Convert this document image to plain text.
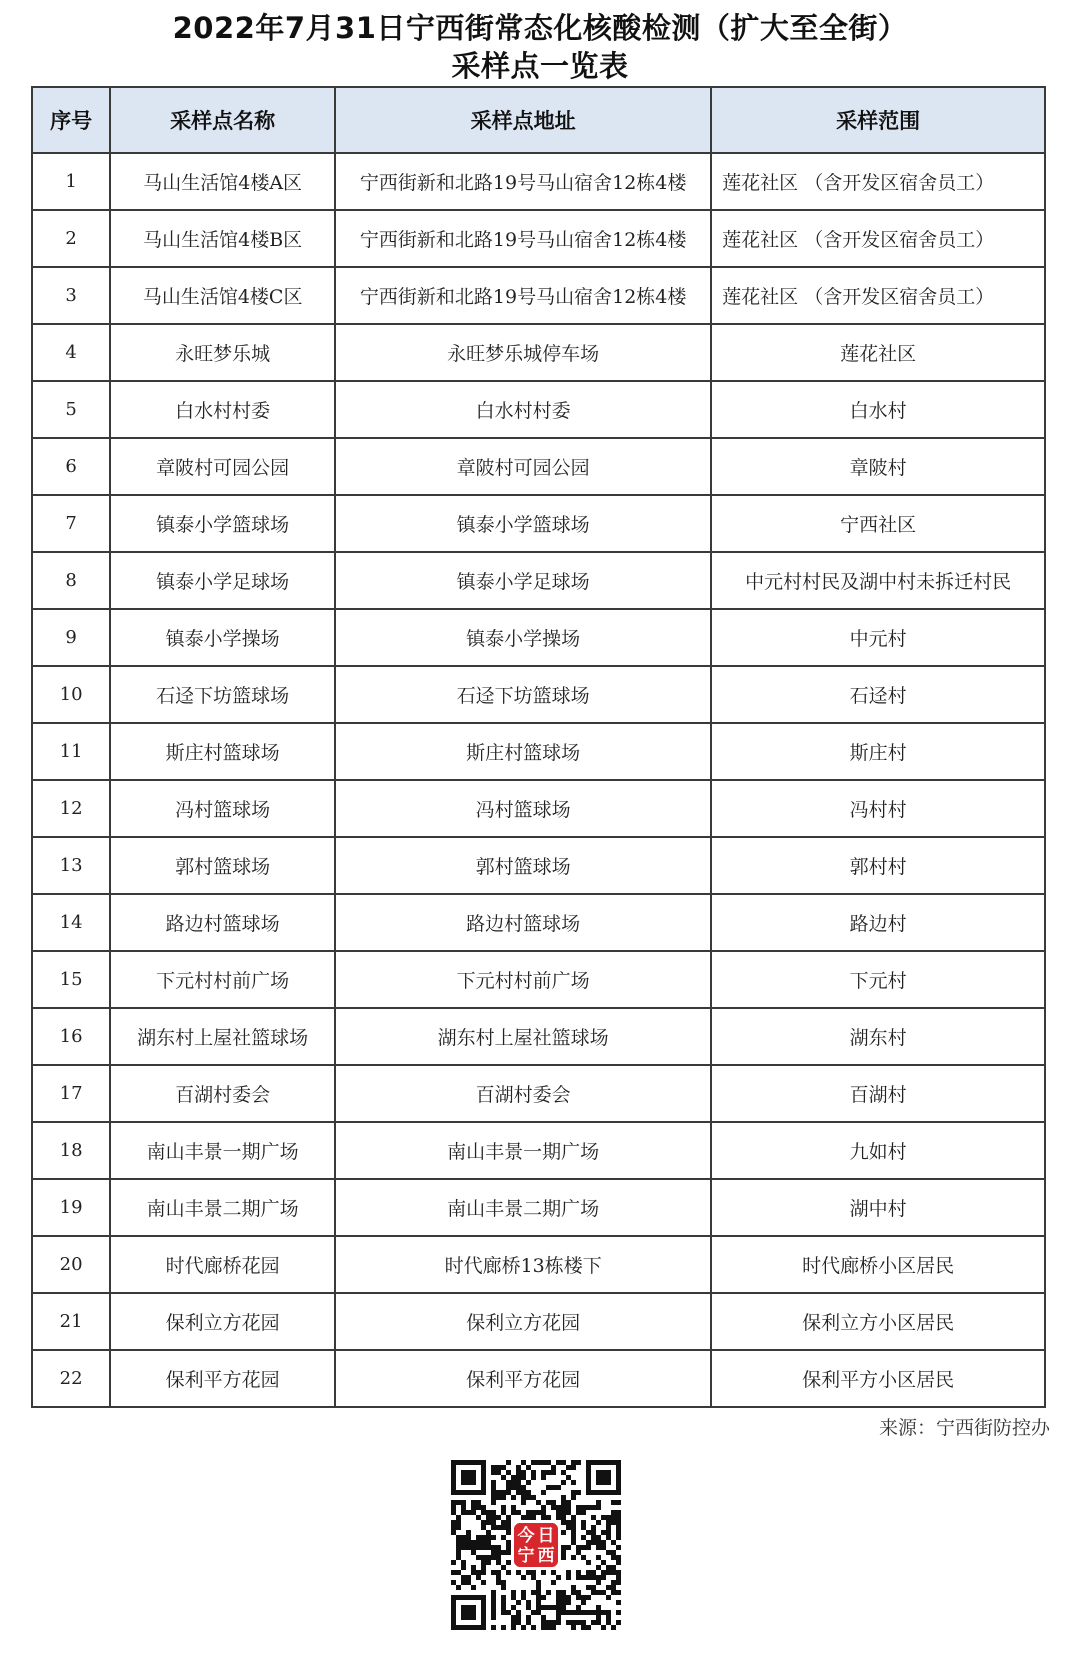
2022年7月31日宁西街常态化核酸检测（扩大至全街）
采样点一览表
序号	采样点名称	采样点地址	采样范围
1	马山生活馆4楼A区	宁西街新和北路19号马山宿舍12栋4楼	莲花社区 （含开发区宿舍员工）
2	马山生活馆4楼B区	宁西街新和北路19号马山宿舍12栋4楼	莲花社区 （含开发区宿舍员工）
3	马山生活馆4楼C区	宁西街新和北路19号马山宿舍12栋4楼	莲花社区 （含开发区宿舍员工）
4	永旺梦乐城	永旺梦乐城停车场	莲花社区
5	白水村村委	白水村村委	白水村
6	章陂村可园公园	章陂村可园公园	章陂村
7	镇泰小学篮球场	镇泰小学篮球场	宁西社区
8	镇泰小学足球场	镇泰小学足球场	中元村村民及湖中村未拆迁村民
9	镇泰小学操场	镇泰小学操场	中元村
10	石迳下坊篮球场	石迳下坊篮球场	石迳村
11	斯庄村篮球场	斯庄村篮球场	斯庄村
12	冯村篮球场	冯村篮球场	冯村村
13	郭村篮球场	郭村篮球场	郭村村
14	路边村篮球场	路边村篮球场	路边村
15	下元村村前广场	下元村村前广场	下元村
16	湖东村上屋社篮球场	湖东村上屋社篮球场	湖东村
17	百湖村委会	百湖村委会	百湖村
18	南山丰景一期广场	南山丰景一期广场	九如村
19	南山丰景二期广场	南山丰景二期广场	湖中村
20	时代廊桥花园	时代廊桥13栋楼下	时代廊桥小区居民
21	保利立方花园	保利立方花园	保利立方小区居民
22	保利平方花园	保利平方花园	保利平方小区居民
来源：宁西街防控办
今 日
宁 西
